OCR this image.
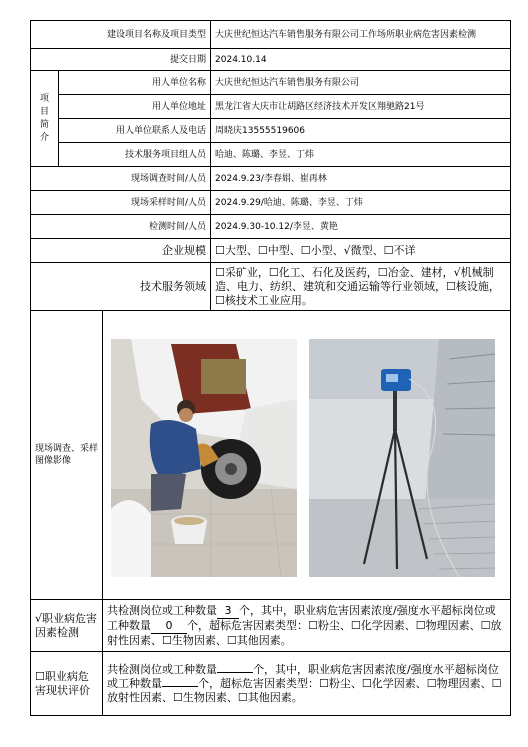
建设项目名称及项目类型			大庆世纪恒达汽车销售服务有限公司工作场所职业病危害因素检测
提交日期			2024.10.14

项目简介	用人单位名称		大庆世纪恒达汽车销售服务有限公司
	用人单位地址		黑龙江省大庆市让胡路区经济技术开发区翔驰路21号
	用人单位联系人及电话		周晓庆13555519606
	技术服务项目组人员		哈迪、陈璐、李昱、丁炜
现场调查时间/人员			2024.9.23/李春娟、崔再林
现场采样时间/人员			2024.9.29/哈迪、陈璐、李昱、丁炜
检测时间/人员			2024.9.30-10.12/李昱、黄艳
企业规模			☐大型、☐中型、☐小型、√微型、☐不详
技术服务领域			☐采矿业，☐化工、石化及医药，☐冶金、建材，√机械制造、电力、纺织、建筑和交通运输等行业领域，☐核设施，☐核技术工业应用。
现场调查、采样图像影像	

√职业病危害因素检测		共检测岗位或工种数量 3 个，其中，职业病危害因素浓度/强度水平超标岗位或工种数量 0 个，超标危害因素类型：☐粉尘、☐化学因素、☐物理因素、☐放射性因素、☐生物因素、☐其他因素。	
☐职业病危害现状评价		共检测岗位或工种数量 个，其中，职业病危害因素浓度/强度水平超标岗位或工种数量 个，超标危害因素类型：☐粉尘、☐化学因素、☐物理因素、☐放射性因素、☐生物因素、☐其他因素。	
